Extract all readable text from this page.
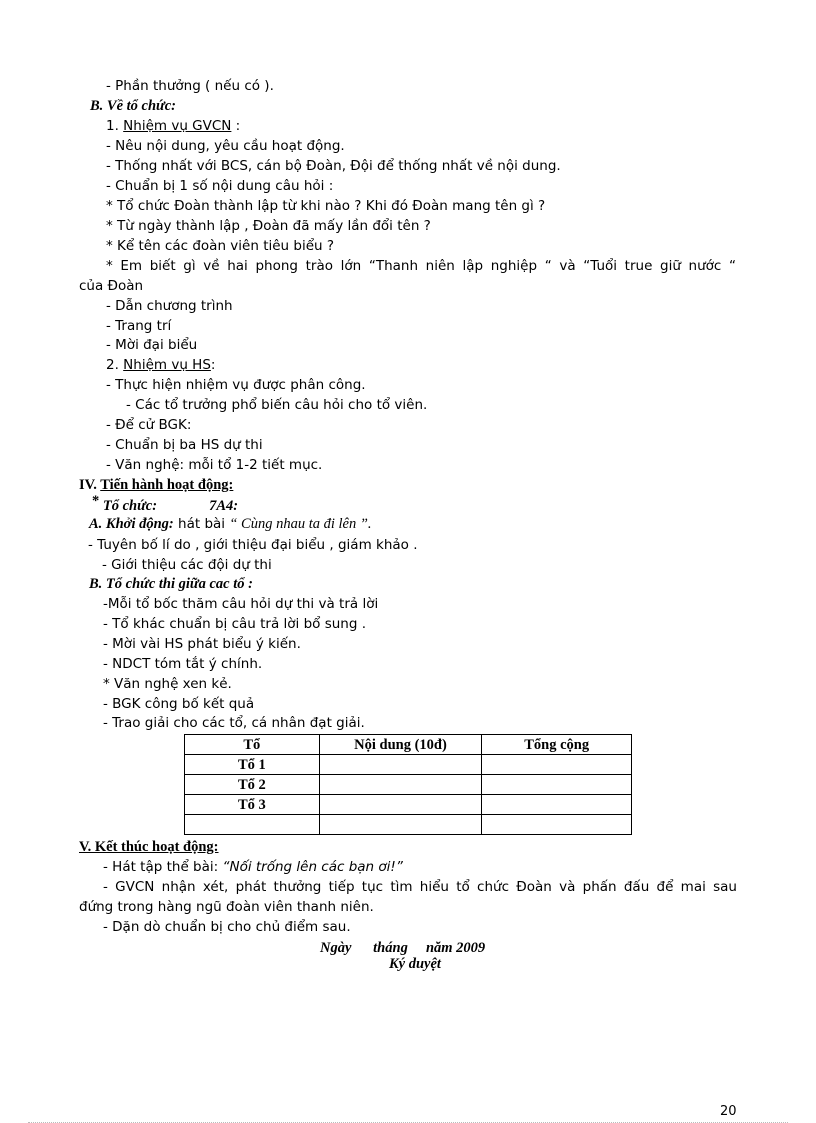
- Phần thưởng ( nếu có ).
B. Về tổ chức:
1. Nhiệm vụ GVCN :
- Nêu nội dung, yêu cầu hoạt động.
- Thống nhất với BCS, cán bộ Đoàn, Đội để thống nhất về nội dung.
- Chuẩn bị 1 số nội dung câu hỏi :
* Tổ chức Đoàn thành lập từ khi nào ? Khi đó Đoàn mang tên gì ?
* Từ ngày thành lập , Đoàn đã mấy lần đổi tên ?
* Kể tên các đoàn viên tiêu biểu ?
* Em biết gì về hai phong trào lớn “Thanh niên lập nghiệp “ và “Tuổi true giữ nước “
của Đoàn
- Dẫn chương trình
- Trang trí
- Mời đại biểu
2. Nhiệm vụ HS:
- Thực hiện nhiệm vụ được phân công.
- Các tổ trưởng phổ biến câu hỏi cho tổ viên.
- Để cử BGK:
- Chuẩn bị ba HS dự thi
- Văn nghệ: mỗi tổ 1-2 tiết mục.
IV. Tiến hành hoạt động:
* Tổ chức:	7A4:
A. Khởi động: hát bài “ Cùng nhau ta đi lên ”.
- Tuyên bố lí do , giới thiệu đại biểu , giám khảo .
- Giới thiệu các đội dự thi
B. Tổ chức thi giữa cac tổ :
-Mỗi tổ bốc thăm câu hỏi dự thi và trả lời
- Tổ khác chuẩn bị câu trả lời bổ sung .
- Mời vài HS phát biểu ý kiến.
- NDCT tóm tắt ý chính.
* Văn nghệ xen kẻ.
- BGK công bố kết quả
- Trao giải cho các tổ, cá nhân đạt giải.
Tổ	Nội dung (10đ)	Tổng cộng
Tổ 1		
Tổ 2		
Tổ 3		

V. Kết thúc hoạt động:
- Hát tập thể bài: “Nối trống lên các bạn ơi!”
- GVCN nhận xét, phát thưởng tiếp tục tìm hiểu tổ chức Đoàn và phấn đấu để mai sau
đứng trong hàng ngũ đoàn viên thanh niên.
- Dặn dò chuẩn bị cho chủ điểm sau.
Ngày      tháng     năm 2009
Ký duyệt
20
